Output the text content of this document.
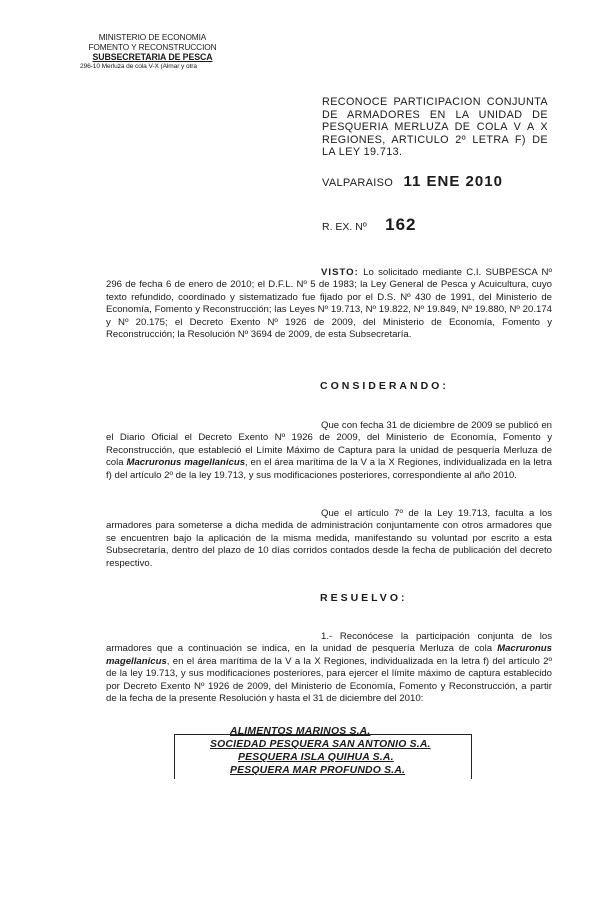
MINISTERIO DE ECONOMIA
FOMENTO Y RECONSTRUCCION
SUBSECRETARIA DE PESCA
296-10 Merluza de cola V-X (Almar y otra
RECONOCE PARTICIPACION CONJUNTA DE ARMADORES EN LA UNIDAD DE PESQUERIA MERLUZA DE COLA V A X REGIONES, ARTICULO 2º LETRA F) DE LA LEY 19.713.
VALPARAISO 11 ENE 2010
R. EX. Nº 162
VISTO: Lo solicitado mediante C.I. SUBPESCA Nº 296 de fecha 6 de enero de 2010; el D.F.L. Nº 5 de 1983; la Ley General de Pesca y Acuicultura, cuyo texto refundido, coordinado y sistematizado fue fijado por el D.S. Nº 430 de 1991, del Ministerio de Economía, Fomento y Reconstrucción; las Leyes Nº 19.713, Nº 19.822, Nº 19.849, Nº 19.880, Nº 20.174 y Nº 20.175; el Decreto Exento Nº 1926 de 2009, del Ministerio de Economía, Fomento y Reconstrucción; la Resolución Nº 3694 de 2009, de esta Subsecretaría.
CONSIDERANDO:
Que con fecha 31 de diciembre de 2009 se publicó en el Diario Oficial el Decreto Exento Nº 1926 de 2009, del Ministerio de Economía, Fomento y Reconstrucción, que estableció el Límite Máximo de Captura para la unidad de pesquería Merluza de cola Macruronus magellanicus, en el área marítima de la V a la X Regiones, individualizada en la letra f) del artículo 2º de la ley 19.713, y sus modificaciones posteriores, correspondiente al año 2010.
Que el artículo 7º de la Ley 19.713, faculta a los armadores para someterse a dicha medida de administración conjuntamente con otros armadores que se encuentren bajo la aplicación de la misma medida, manifestando su voluntad por escrito a esta Subsecretaría, dentro del plazo de 10 días corridos contados desde la fecha de publicación del decreto respectivo.
RESUELVO:
1.- Reconócese la participación conjunta de los armadores que a continuación se indica, en la unidad de pesquería Merluza de cola Macruronus magellanicus, en el área marítima de la V a la X Regiones, individualizada en la letra f) del artículo 2º de la ley 19.713, y sus modificaciones posteriores, para ejercer el límite máximo de captura establecido por Decreto Exento Nº 1926 de 2009, del Ministerio de Economía, Fomento y Reconstrucción, a partir de la fecha de la presente Resolución y hasta el 31 de diciembre del 2010:
ALIMENTOS MARINOS S.A.
SOCIEDAD PESQUERA SAN ANTONIO S.A.
PESQUERA ISLA QUIHUA S.A.
PESQUERA MAR PROFUNDO S.A.
